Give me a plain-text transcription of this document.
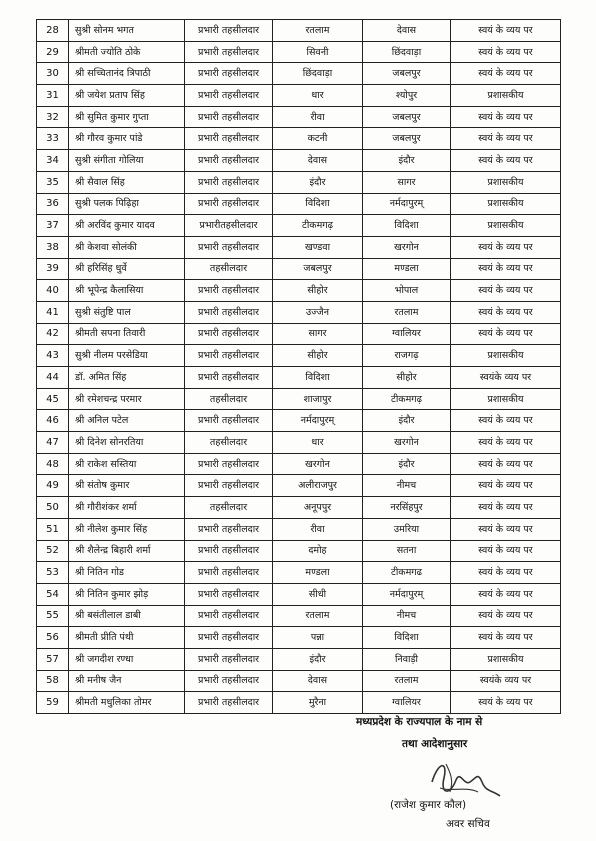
28	सुश्री सोनम भगत	प्रभारी तहसीलदार	रतलाम	देवास	स्वयं के व्यय पर
29	श्रीमती ज्योति ठोके	प्रभारी तहसीलदार	सिवनी	छिंदवाड़ा	स्वयं के व्यय पर
30	श्री सच्चितानंद त्रिपाठी	प्रभारी तहसीलदार	छिंदवाड़ा	जबलपुर	स्वयं के व्यय पर
31	श्री जयेश प्रताप सिंह	प्रभारी तहसीलदार	धार	श्योपुर	प्रशासकीय
32	श्री सुमित कुमार गुप्ता	प्रभारी तहसीलदार	रीवा	जबलपुर	स्वयं के व्यय पर
33	श्री गौरव कुमार पांडे	प्रभारी तहसीलदार	कटनी	जबलपुर	स्वयं के व्यय पर
34	सुश्री संगीता गोलिया	प्रभारी तहसीलदार	देवास	इंदौर	स्वयं के व्यय पर
35	श्री सैवाल सिंह	प्रभारी तहसीलदार	इंदौर	सागर	प्रशासकीय
36	सुश्री पलक पिढ़िहा	प्रभारी तहसीलदार	विदिशा	नर्मदापुरम्	प्रशासकीय
37	श्री अरविंद कुमार यादव	प्रभारीतहसीलदार	टीकमगढ़	विदिशा	प्रशासकीय
38	श्री केशवा सोलंकी	प्रभारी तहसीलदार	खण्डवा	खरगोन	स्वयं के व्यय पर
39	श्री हरिसिंह धुर्वे	तहसीलदार	जबलपुर	मण्डला	स्वयं के व्यय पर
40	श्री भूपेन्द्र कैलासिया	प्रभारी तहसीलदार	सीहोर	भोपाल	स्वयं के व्यय पर
41	सुश्री संतुष्टि पाल	प्रभारी तहसीलदार	उज्जैन	रतलाम	स्वयं के व्यय पर
42	श्रीमती सपना तिवारी	प्रभारी तहसीलदार	सागर	ग्वालियर	स्वयं के व्यय पर
43	सुश्री नीलम परसेडिया	प्रभारी तहसीलदार	सीहोर	राजगढ़	प्रशासकीय
44	डॉ. अमित सिंह	प्रभारी तहसीलदार	विदिशा	सीहोर	स्वयंके व्यय पर
45	श्री रमेशचन्द्र परमार	तहसीलदार	शाजापुर	टीकमगढ़	प्रशासकीय
46	श्री अनिल पटेल	प्रभारी तहसीलदार	नर्मदापुरम्	इंदौर	स्वयं के व्यय पर
47	श्री दिनेश सोनरतिया	तहसीलदार	धार	खरगोन	स्वयं के व्यय पर
48	श्री राकेश सस्तिया	प्रभारी तहसीलदार	खरगोन	इंदौर	स्वयं के व्यय पर
49	श्री संतोष कुमार	प्रभारी तहसीलदार	अलीराजपुर	नीमच	स्वयं के व्यय पर
50	श्री गौरीशंकर शर्मा	तहसीलदार	अनूपपुर	नरसिंहपुर	स्वयं के व्यय पर
51	श्री नीलेश कुमार सिंह	प्रभारी तहसीलदार	रीवा	उमरिया	स्वयं के व्यय पर
52	श्री शैलेन्द्र बिहारी शर्मा	प्रभारी तहसीलदार	दमोह	सतना	स्वयं के व्यय पर
53	श्री नितिन गोड	प्रभारी तहसीलदार	मण्डला	टीकमगढ	स्वयं के व्यय पर
54	श्री नितिन कुमार झोड़	प्रभारी तहसीलदार	सीधी	नर्मदापुरम्	स्वयं के व्यय पर
55	श्री बसंतीलाल डाबी	प्रभारी तहसीलदार	रतलाम	नीमच	स्वयं के व्यय पर
56	श्रीमती प्रीति पंथी	प्रभारी तहसीलदार	पन्ना	विदिशा	स्वयं के व्यय पर
57	श्री जगदीश रण्धा	प्रभारी तहसीलदार	इंदौर	निवाड़ी	प्रशासकीय
58	श्री मनीष जैन	प्रभारी तहसीलदार	देवास	रतलाम	स्वयंके व्यय पर
59	श्रीमती मधुलिका तोमर	प्रभारी तहसीलदार	मुरैना	ग्वालियर	स्वयं के व्यय पर
मध्यप्रदेश के राज्यपाल के नाम से
तथा आदेशानुसार
(राजेश कुमार कौल)
अवर सचिव
